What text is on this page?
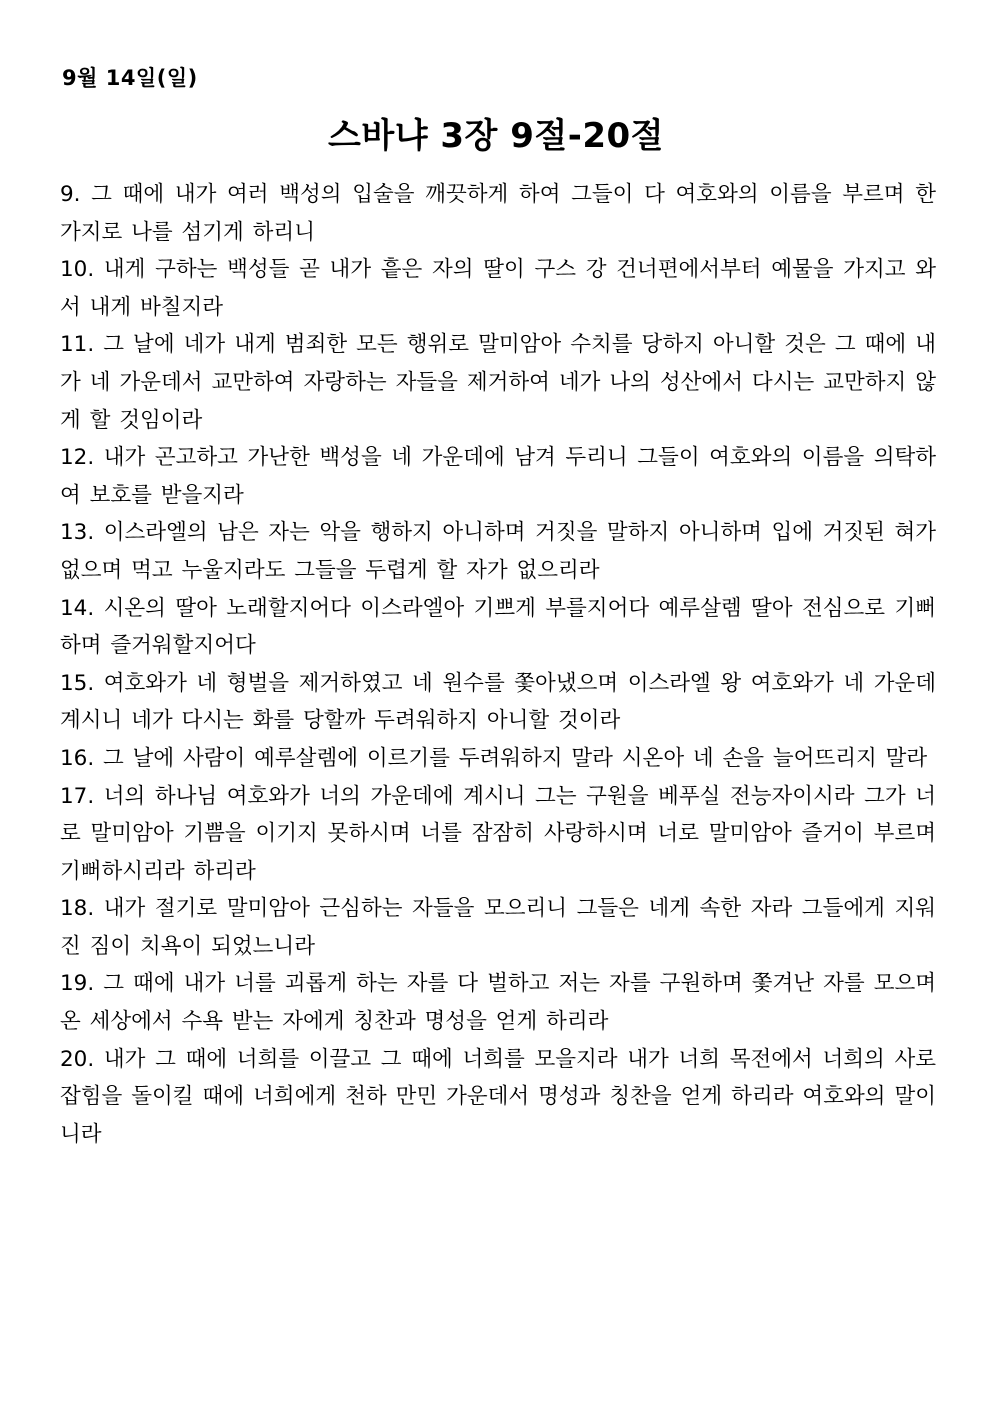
9월 14일(일)
스바냐 3장 9절-20절

9. 그 때에 내가 여러 백성의 입술을 깨끗하게 하여 그들이 다 여호와의 이름을 부르며 한 가지로 나를 섬기게 하리니

10. 내게 구하는 백성들 곧 내가 흩은 자의 딸이 구스 강 건너편에서부터 예물을 가지고 와서 내게 바칠지라

11. 그 날에 네가 내게 범죄한 모든 행위로 말미암아 수치를 당하지 아니할 것은 그 때에 내가 네 가운데서 교만하여 자랑하는 자들을 제거하여 네가 나의 성산에서 다시는 교만하지 않게 할 것임이라

12. 내가 곤고하고 가난한 백성을 네 가운데에 남겨 두리니 그들이 여호와의 이름을 의탁하여 보호를 받을지라

13. 이스라엘의 남은 자는 악을 행하지 아니하며 거짓을 말하지 아니하며 입에 거짓된 혀가 없으며 먹고 누울지라도 그들을 두렵게 할 자가 없으리라

14. 시온의 딸아 노래할지어다 이스라엘아 기쁘게 부를지어다 예루살렘 딸아 전심으로 기뻐하며 즐거워할지어다

15. 여호와가 네 형벌을 제거하였고 네 원수를 쫓아냈으며 이스라엘 왕 여호와가 네 가운데 계시니 네가 다시는 화를 당할까 두려워하지 아니할 것이라

16. 그 날에 사람이 예루살렘에 이르기를 두려워하지 말라 시온아 네 손을 늘어뜨리지 말라

17. 너의 하나님 여호와가 너의 가운데에 계시니 그는 구원을 베푸실 전능자이시라 그가 너로 말미암아 기쁨을 이기지 못하시며 너를 잠잠히 사랑하시며 너로 말미암아 즐거이 부르며 기뻐하시리라 하리라

18. 내가 절기로 말미암아 근심하는 자들을 모으리니 그들은 네게 속한 자라 그들에게 지워진 짐이 치욕이 되었느니라

19. 그 때에 내가 너를 괴롭게 하는 자를 다 벌하고 저는 자를 구원하며 쫓겨난 자를 모으며 온 세상에서 수욕 받는 자에게 칭찬과 명성을 얻게 하리라

20. 내가 그 때에 너희를 이끌고 그 때에 너희를 모을지라 내가 너희 목전에서 너희의 사로잡힘을 돌이킬 때에 너희에게 천하 만민 가운데서 명성과 칭찬을 얻게 하리라 여호와의 말이니라
